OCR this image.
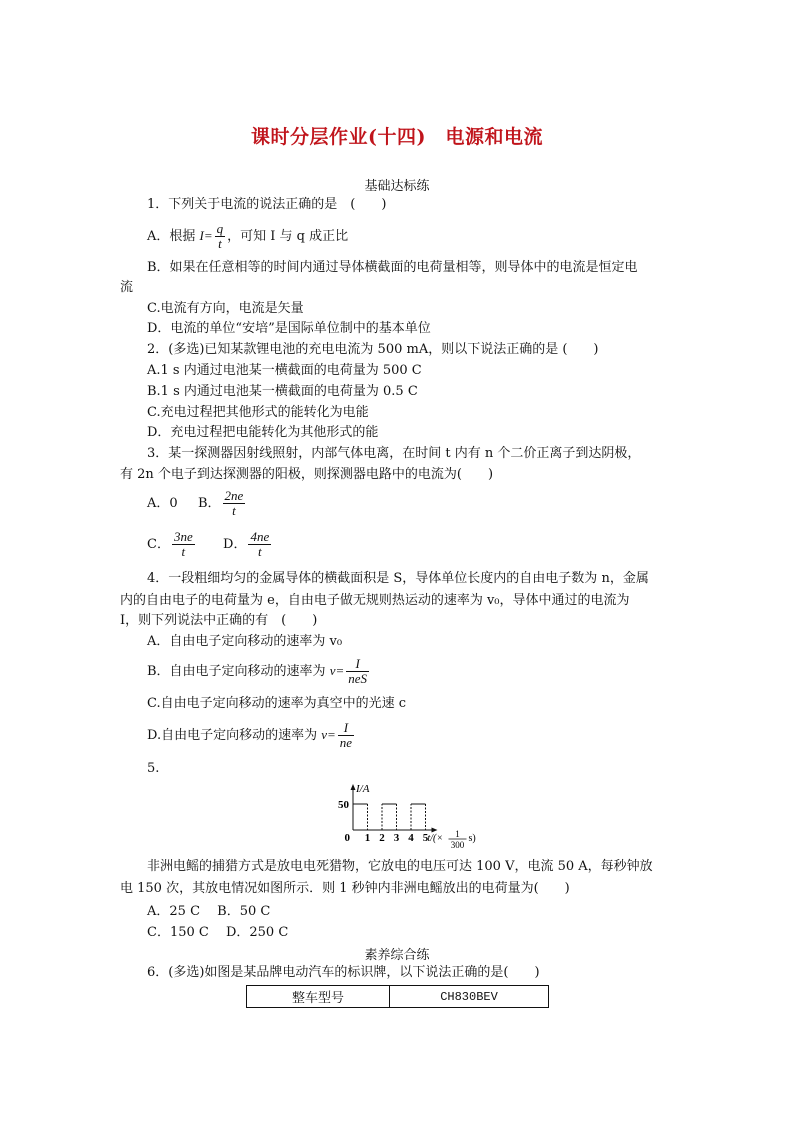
课时分层作业(十四)　电源和电流
基础达标练
1．下列关于电流的说法正确的是　(　　)
A．根据 $I= \frac{q}{t}$ ，可知 I 与 q 成正比
B．如果在任意相等的时间内通过导体横截面的电荷量相等，则导体中的电流是恒定电
流
C.电流有方向，电流是矢量
D．电流的单位“安培”是国际单位制中的基本单位
2．(多选)已知某款锂电池的充电电流为 500 mA，则以下说法正确的是 (　　)
A.1 s 内通过电池某一横截面的电荷量为 500 C
B.1 s 内通过电池某一横截面的电荷量为 0.5 C
C.充电过程把其他形式的能转化为电能
D．充电过程把电能转化为其他形式的能
3．某一探测器因射线照射，内部气体电离，在时间 t 内有 n 个二价正离子到达阴极，
有 2n 个电子到达探测器的阳极，则探测器电路中的电流为(　　)
A．0 B． $\frac{2ne}{t}$
C． $\frac{3ne}{t}$ D． $\frac{4ne}{t}$
4．一段粗细均匀的金属导体的横截面积是 S，导体单位长度内的自由电子数为 n，金属
内的自由电子的电荷量为 e，自由电子做无规则热运动的速率为 v₀，导体中通过的电流为
I，则下列说法中正确的有　(　　)
A．自由电子定向移动的速率为 v₀
B．自由电子定向移动的速率为 $v= \frac{I}{\text{neS}}$
C.自由电子定向移动的速率为真空中的光速 c
D.自由电子定向移动的速率为 $v= \frac{I}{ne}$
5.
0
50
I/A
1 2 3 4 5 t/(× 1
300
s)
非洲电鳐的捕猎方式是放电电死猎物，它放电的电压可达 100 V，电流 50 A，每秒钟放
电 150 次，其放电情况如图所示．则 1 秒钟内非洲电鳐放出的电荷量为(　　)
A．25 C　 B．50 C
C．150 C　 D．250 C
素养综合练
6．(多选)如图是某品牌电动汽车的标识牌，以下说法正确的是(　　)
整车型号	CH830BEV
